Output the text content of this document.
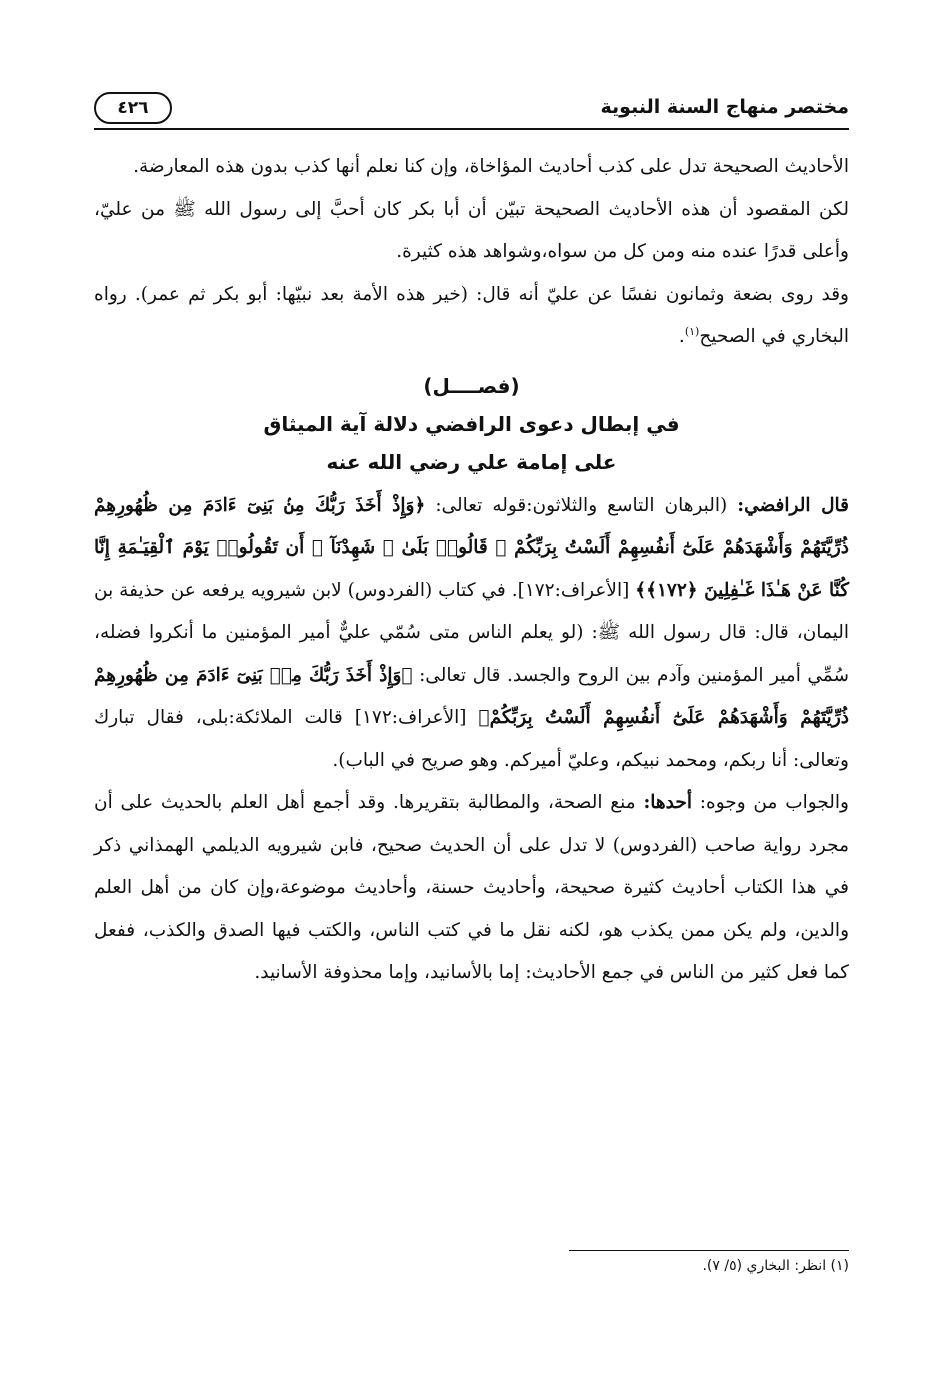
مختصر منهاج السنة النبوية
٤٢٦

الأحاديث الصحيحة تدل على كذب أحاديث المؤاخاة، وإن كنا نعلم أنها كذب بدون هذه المعارضة.

لكن المقصود أن هذه الأحاديث الصحيحة تبيّن أن أبا بكر كان أحبَّ إلى رسول الله ﷺ من عليّ، وأعلى قدرًا عنده منه ومن كل من سواه،وشواهد هذه كثيرة.

وقد روى بضعة وثمانون نفسًا عن عليّ أنه قال: (خير هذه الأمة بعد نبيّها: أبو بكر ثم عمر). رواه البخاري في الصحيح$^{(١)}$.

(فصــــل)
في إبطال دعوى الرافضي دلالة آية الميثاق
على إمامة علي رضي الله عنه

قال الرافضي: (البرهان التاسع والثلاثون:قوله تعالى: ﴿وَإِذْ أَخَذَ رَبُّكَ مِنۢ بَنِىٓ ءَادَمَ مِن ظُهُورِهِمْ ذُرِّيَّتَهُمْ وَأَشْهَدَهُمْ عَلَىٰٓ أَنفُسِهِمْ أَلَسْتُ بِرَبِّكُمْ ۖ قَالُوا۟ بَلَىٰ ۛ شَهِدْنَآ ۛ أَن تَقُولُوا۟ يَوْمَ ٱلْقِيَـٰمَةِ إِنَّا كُنَّا عَنْ هَـٰذَا غَـٰفِلِينَ ﴿١٧٢﴾﴾ [الأعراف:١٧٢]. في كتاب (الفردوس) لابن شيرويه يرفعه عن حذيفة بن اليمان، قال: قال رسول الله ﷺ: (لو يعلم الناس متى سُمّي عليٌّ أمير المؤمنين ما أنكروا فضله، سُمِّي أمير المؤمنين وآدم بين الروح والجسد. قال تعالى: ﴿وَإِذْ أَخَذَ رَبُّكَ مِنۢ بَنِىٓ ءَادَمَ مِن ظُهُورِهِمْ ذُرِّيَّتَهُمْ وَأَشْهَدَهُمْ عَلَىٰٓ أَنفُسِهِمْ أَلَسْتُ بِرَبِّكُمْ﴾ [الأعراف:١٧٢] قالت الملائكة:بلى، فقال تبارك وتعالى: أنا ربكم، ومحمد نبيكم، وعليّ أميركم. وهو صريح في الباب).

والجواب من وجوه: أحدها: منع الصحة، والمطالبة بتقريرها. وقد أجمع أهل العلم بالحديث على أن مجرد رواية صاحب (الفردوس) لا تدل على أن الحديث صحيح، فابن شيرويه الديلمي الهمذاني ذكر في هذا الكتاب أحاديث كثيرة صحيحة، وأحاديث حسنة، وأحاديث موضوعة،وإن كان من أهل العلم والدين، ولم يكن ممن يكذب هو، لكنه نقل ما في كتب الناس، والكتب فيها الصدق والكذب، ففعل كما فعل كثير من الناس في جمع الأحاديث: إما بالأسانيد، وإما محذوفة الأسانيد.

(١) انظر: البخاري (٥/ ٧).
